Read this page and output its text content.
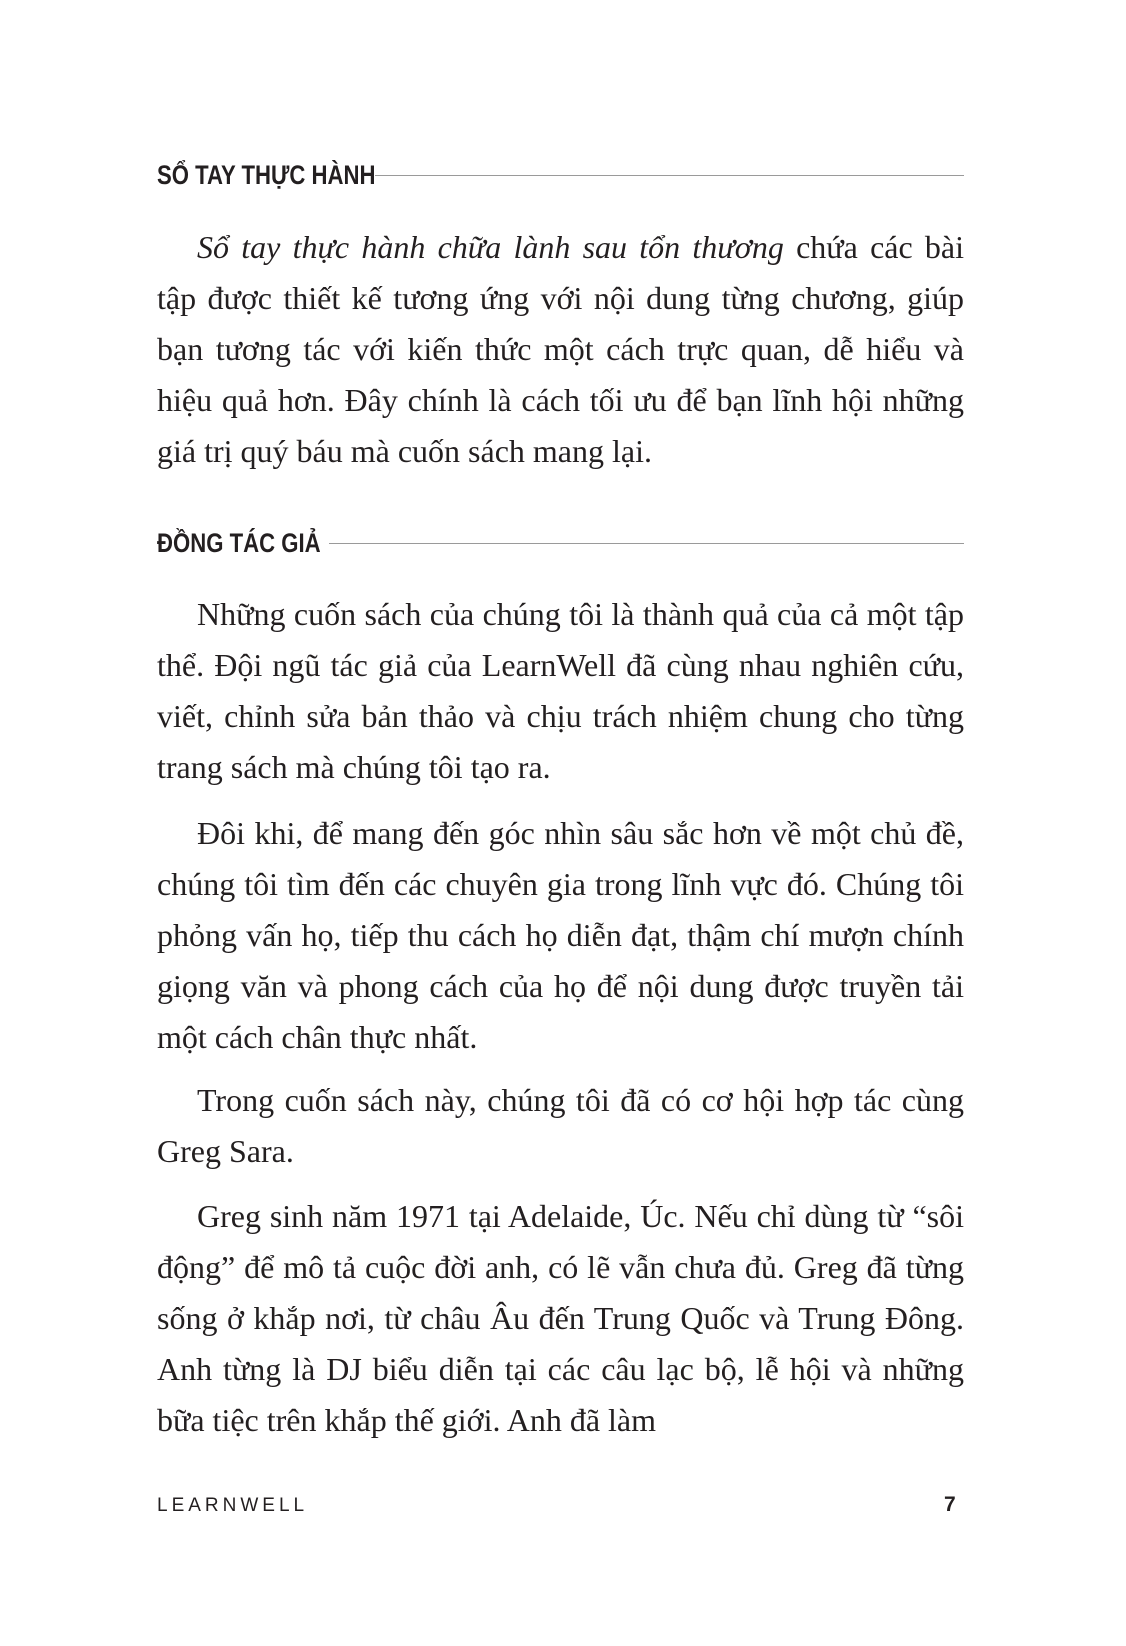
SỔ TAY THỰC HÀNH

Sổ tay thực hành chữa lành sau tổn thương chứa các bài tập được thiết kế tương ứng với nội dung từng chương, giúp bạn tương tác với kiến thức một cách trực quan, dễ hiểu và hiệu quả hơn. Đây chính là cách tối ưu để bạn lĩnh hội những giá trị quý báu mà cuốn sách mang lại.

ĐỒNG TÁC GIẢ

Những cuốn sách của chúng tôi là thành quả của cả một tập thể. Đội ngũ tác giả của LearnWell đã cùng nhau nghiên cứu, viết, chỉnh sửa bản thảo và chịu trách nhiệm chung cho từng trang sách mà chúng tôi tạo ra.

Đôi khi, để mang đến góc nhìn sâu sắc hơn về một chủ đề, chúng tôi tìm đến các chuyên gia trong lĩnh vực đó. Chúng tôi phỏng vấn họ, tiếp thu cách họ diễn đạt, thậm chí mượn chính giọng văn và phong cách của họ để nội dung được truyền tải một cách chân thực nhất.

Trong cuốn sách này, chúng tôi đã có cơ hội hợp tác cùng Greg Sara.

Greg sinh năm 1971 tại Adelaide, Úc. Nếu chỉ dùng từ “sôi động” để mô tả cuộc đời anh, có lẽ vẫn chưa đủ. Greg đã từng sống ở khắp nơi, từ châu Âu đến Trung Quốc và Trung Đông. Anh từng là DJ biểu diễn tại các câu lạc bộ, lễ hội và những bữa tiệc trên khắp thế giới. Anh đã làm

LEARNWELL	7
